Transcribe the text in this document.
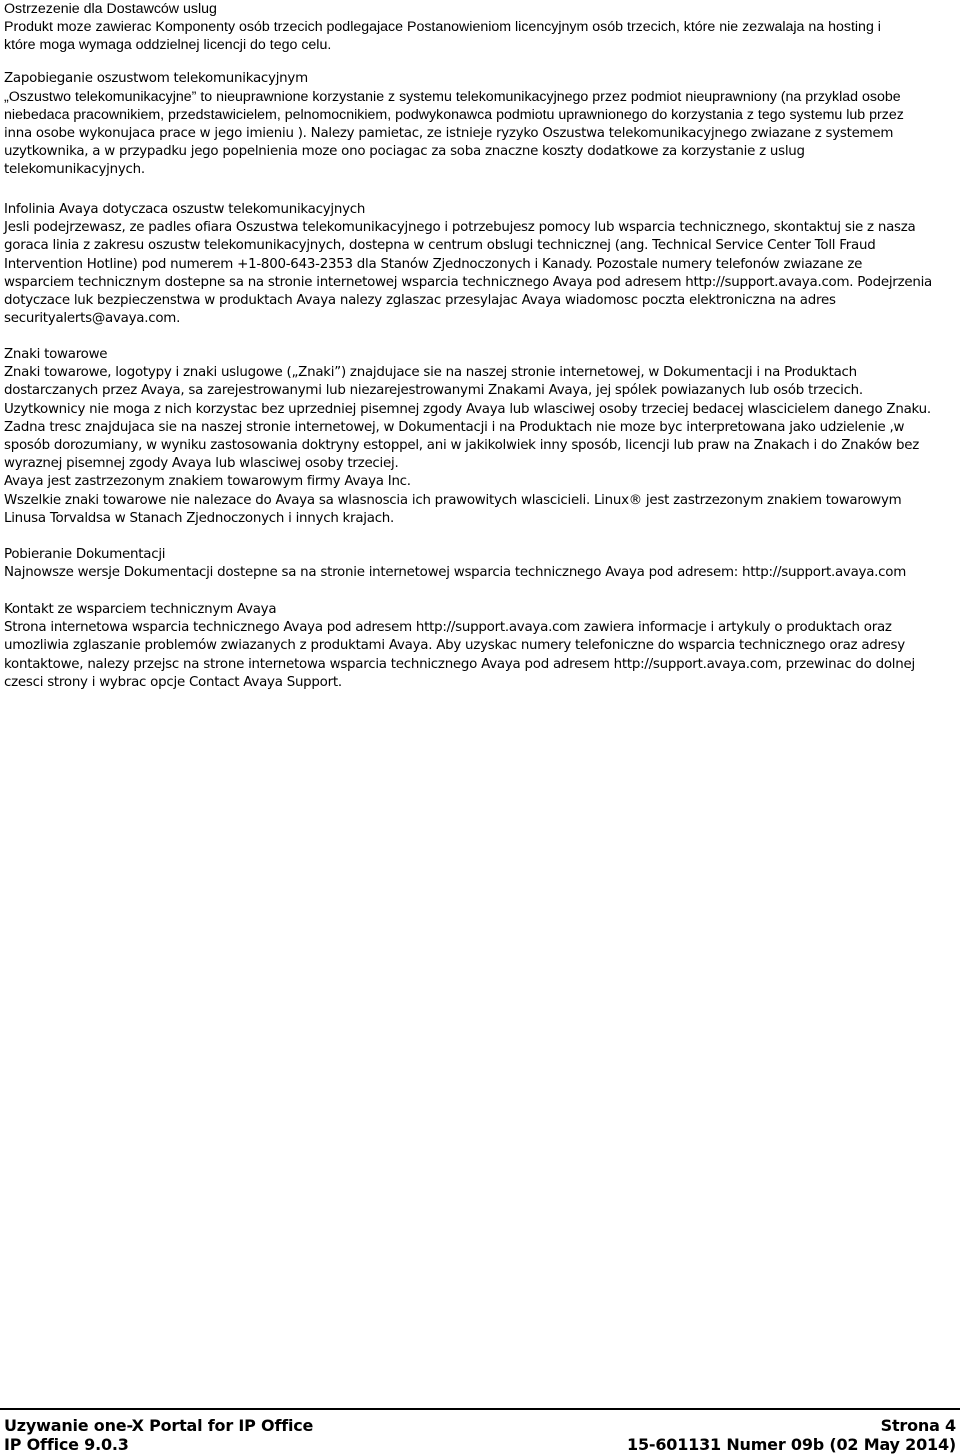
Ostrzezenie dla Dostawców uslug
Produkt moze zawierac Komponenty osób trzecich podlegajace Postanowieniom licencyjnym osób trzecich, które nie zezwalaja na hosting i
które moga wymaga oddzielnej licencji do tego celu.
Zapobieganie oszustwom telekomunikacyjnym
„Oszustwo telekomunikacyjne” to nieuprawnione korzystanie z systemu telekomunikacyjnego przez podmiot nieuprawniony (na przyklad osobe
niebedaca pracownikiem, przedstawicielem, pelnomocnikiem, podwykonawca podmiotu uprawnionego do korzystania z tego systemu lub przez
inna osobe wykonujaca prace w jego imieniu ). Nalezy pamietac, ze istnieje ryzyko Oszustwa telekomunikacyjnego zwiazane z systemem
uzytkownika, a w przypadku jego popelnienia moze ono pociagac za soba znaczne koszty dodatkowe za korzystanie z uslug
telekomunikacyjnych.
Infolinia Avaya dotyczaca oszustw telekomunikacyjnych
Jesli podejrzewasz, ze padles ofiara Oszustwa telekomunikacyjnego i potrzebujesz pomocy lub wsparcia technicznego, skontaktuj sie z nasza
goraca linia z zakresu oszustw telekomunikacyjnych, dostepna w centrum obslugi technicznej (ang. Technical Service Center Toll Fraud
Intervention Hotline) pod numerem +1-800-643-2353 dla Stanów Zjednoczonych i Kanady. Pozostale numery telefonów zwiazane ze
wsparciem technicznym dostepne sa na stronie internetowej wsparcia technicznego Avaya pod adresem http://support.avaya.com. Podejrzenia
dotyczace luk bezpieczenstwa w produktach Avaya nalezy zglaszac przesylajac Avaya wiadomosc poczta elektroniczna na adres
securityalerts@avaya.com.
Znaki towarowe
Znaki towarowe, logotypy i znaki uslugowe („Znaki”) znajdujace sie na naszej stronie internetowej, w Dokumentacji i na Produktach
dostarczanych przez Avaya, sa zarejestrowanymi lub niezarejestrowanymi Znakami Avaya, jej spólek powiazanych lub osób trzecich.
Uzytkownicy nie moga z nich korzystac bez uprzedniej pisemnej zgody Avaya lub wlasciwej osoby trzeciej bedacej wlascicielem danego Znaku.
Zadna tresc znajdujaca sie na naszej stronie internetowej, w Dokumentacji i na Produktach nie moze byc interpretowana jako udzielenie ,w
sposób dorozumiany, w wyniku zastosowania doktryny estoppel, ani w jakikolwiek inny sposób, licencji lub praw na Znakach i do Znaków bez
wyraznej pisemnej zgody Avaya lub wlasciwej osoby trzeciej.
Avaya jest zastrzezonym znakiem towarowym firmy Avaya Inc.
Wszelkie znaki towarowe nie nalezace do Avaya sa wlasnoscia ich prawowitych wlascicieli. Linux® jest zastrzezonym znakiem towarowym
Linusa Torvaldsa w Stanach Zjednoczonych i innych krajach.
Pobieranie Dokumentacji
Najnowsze wersje Dokumentacji dostepne sa na stronie internetowej wsparcia technicznego Avaya pod adresem: http://support.avaya.com
Kontakt ze wsparciem technicznym Avaya
Strona internetowa wsparcia technicznego Avaya pod adresem http://support.avaya.com zawiera informacje i artykuly o produktach oraz
umozliwia zglaszanie problemów zwiazanych z produktami Avaya. Aby uzyskac numery telefoniczne do wsparcia technicznego oraz adresy
kontaktowe, nalezy przejsc na strone internetowa wsparcia technicznego Avaya pod adresem http://support.avaya.com, przewinac do dolnej
czesci strony i wybrac opcje Contact Avaya Support.
Uzywanie one-X Portal for IP Office	Strona 4
IP Office 9.0.3	15-601131 Numer 09b (02 May 2014)
